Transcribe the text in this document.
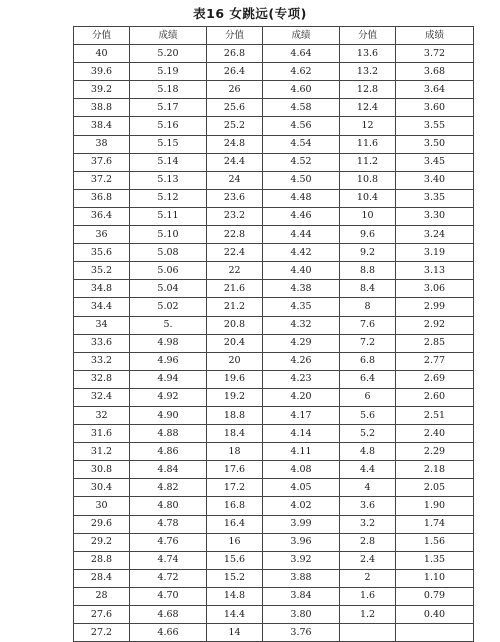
表16 女跳远(专项)
分值	成绩	分值	成绩	分值	成绩
40	5.20	26.8	4.64	13.6	3.72
39.6	5.19	26.4	4.62	13.2	3.68
39.2	5.18	26	4.60	12.8	3.64
38.8	5.17	25.6	4.58	12.4	3.60
38.4	5.16	25.2	4.56	12	3.55
38	5.15	24.8	4.54	11.6	3.50
37.6	5.14	24.4	4.52	11.2	3.45
37.2	5.13	24	4.50	10.8	3.40
36.8	5.12	23.6	4.48	10.4	3.35
36.4	5.11	23.2	4.46	10	3.30
36	5.10	22.8	4.44	9.6	3.24
35.6	5.08	22.4	4.42	9.2	3.19
35.2	5.06	22	4.40	8.8	3.13
34.8	5.04	21.6	4.38	8.4	3.06
34.4	5.02	21.2	4.35	8	2.99
34	5.	20.8	4.32	7.6	2.92
33.6	4.98	20.4	4.29	7.2	2.85
33.2	4.96	20	4.26	6.8	2.77
32.8	4.94	19.6	4.23	6.4	2.69
32.4	4.92	19.2	4.20	6	2.60
32	4.90	18.8	4.17	5.6	2.51
31.6	4.88	18.4	4.14	5.2	2.40
31.2	4.86	18	4.11	4.8	2.29
30.8	4.84	17.6	4.08	4.4	2.18
30.4	4.82	17.2	4.05	4	2.05
30	4.80	16.8	4.02	3.6	1.90
29.6	4.78	16.4	3.99	3.2	1.74
29.2	4.76	16	3.96	2.8	1.56
28.8	4.74	15.6	3.92	2.4	1.35
28.4	4.72	15.2	3.88	2	1.10
28	4.70	14.8	3.84	1.6	0.79
27.6	4.68	14.4	3.80	1.2	0.40
27.2	4.66	14	3.76		
